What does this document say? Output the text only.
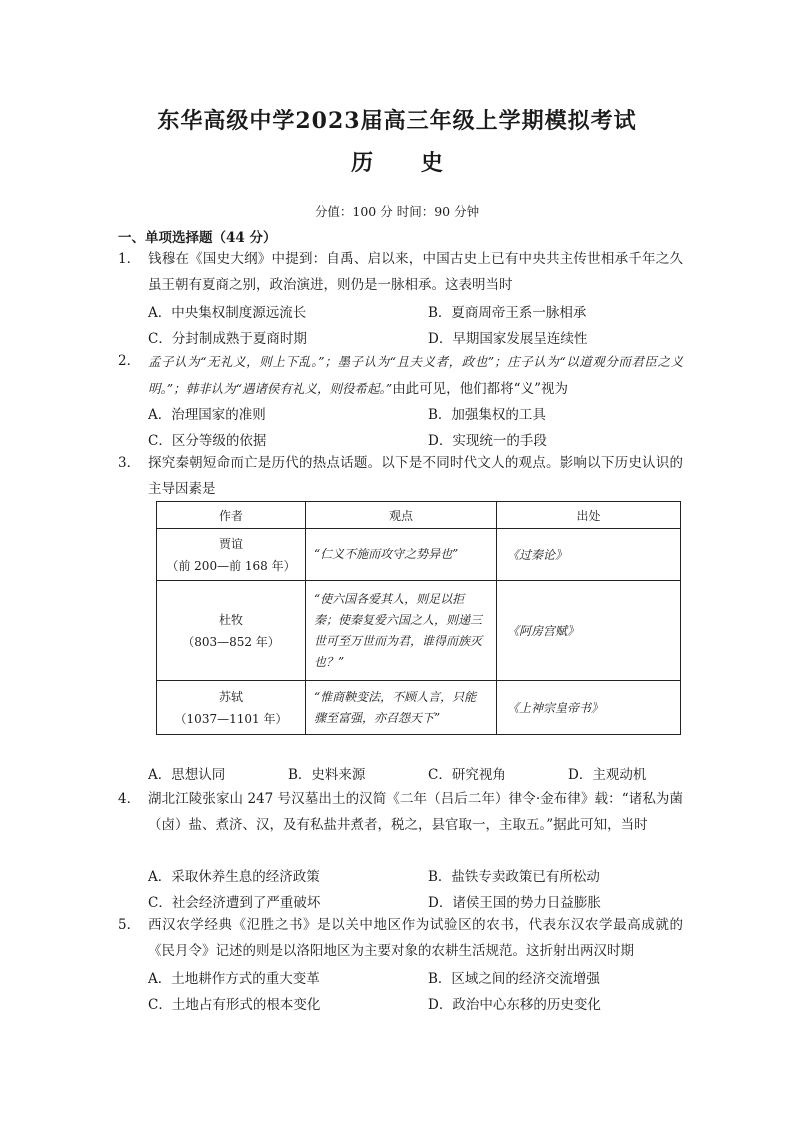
东华高级中学2023届高三年级上学期模拟考试
历 史
分值：100 分 时间：90 分钟
一、单项选择题（44 分）
1． 钱穆在《国史大纲》中提到：自禹、启以来，中国古史上已有中央共主传世相承千年之久虽王朝有夏商之别，政治演进，则仍是一脉相承。这表明当时
A．中央集权制度源远流长	B．夏商周帝王系一脉相承
C．分封制成熟于夏商时期	D．早期国家发展呈连续性
2． 孟子认为“无礼义，则上下乱。”；墨子认为“且夫义者，政也”；庄子认为“以道观分而君臣之义明。”；韩非认为“遇诸侯有礼义，则役希起。”由此可见，他们都将“义”视为
A．治理国家的准则	B．加强集权的工具
C．区分等级的依据	D．实现统一的手段
3． 探究秦朝短命而亡是历代的热点话题。以下是不同时代文人的观点。影响以下历史认识的主导因素是
作者	观点	出处

贾谊
（前 200—前 168 年）	“仁义不施而攻守之势异也”	《过秦论》

杜牧
（803—852 年）	“使六国各爱其人，则足以拒秦；使秦复爱六国之人，则递三世可至万世而为君，谁得而族灭也？”	《阿房宫赋》

苏轼
（1037—1101 年）	“惟商鞅变法，不顾人言，只能骤至富强，亦召怨天下”	《上神宗皇帝书》
A．思想认同	B．史料来源	C．研究视角	D．主观动机
4． 湖北江陵张家山 247 号汉墓出土的汉简《二年（吕后二年）律令·金布律》载：“诸私为菌（卤）盐、煮济、汉，及有私盐井煮者，税之，县官取一，主取五。”据此可知，当时
A．采取休养生息的经济政策	B．盐铁专卖政策已有所松动
C．社会经济遭到了严重破坏	D．诸侯王国的势力日益膨胀
5． 西汉农学经典《氾胜之书》是以关中地区作为试验区的农书，代表东汉农学最高成就的《民月令》记述的则是以洛阳地区为主要对象的农耕生活规范。这折射出两汉时期
A．土地耕作方式的重大变革	B．区域之间的经济交流增强
C．土地占有形式的根本变化	D．政治中心东移的历史变化
